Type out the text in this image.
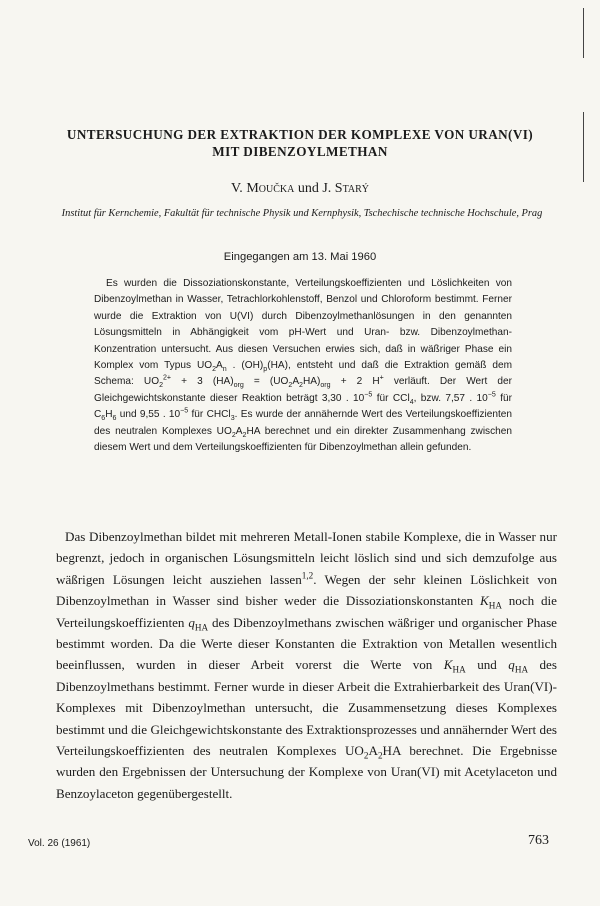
UNTERSUCHUNG DER EXTRAKTION DER KOMPLEXE VON URAN(VI)
MIT DIBENZOYLMETHAN
V. Moučka und J. Starý
Institut für Kernchemie, Fakultät für technische Physik und Kernphysik, Tschechische technische Hochschule, Prag
Eingegangen am 13. Mai 1960
Es wurden die Dissoziationskonstante, Verteilungskoeffizienten und Löslichkeiten von Dibenzoylmethan in Wasser, Tetrachlorkohlenstoff, Benzol und Chloroform bestimmt. Ferner wurde die Extraktion von U(VI) durch Dibenzoylmethanlösungen in den genannten Lösungsmitteln in Abhängigkeit vom pH-Wert und Uran- bzw. Dibenzoylmethan-Konzentration untersucht. Aus diesen Versuchen erwies sich, daß in wäßriger Phase ein Komplex vom Typus $UO_2A_n$ . $(OH)_p(HA)$, entsteht und daß die Extraktion gemäß dem Schema: $UO_2^{2+} + 3$ $(HA)_{org} = (UO_2A_2HA)_{org} + 2$ H+ verläuft. Der Wert der Gleichgewichtskonstante dieser Reaktion beträgt 3,30 . $10^{-5}$ für CCl$_4$, bzw. 7,57 . $10^{-5}$ für $C_6H_6$ und 9,55 . $10^{-5}$ für CHCl$_3$. Es wurde der annähernde Wert des Verteilungskoeffizienten des neutralen Komplexes $UO_2A_2HA$ berechnet und ein direkter Zusammenhang zwischen diesem Wert und dem Verteilungskoeffizienten für Dibenzoylmethan allein gefunden.
Das Dibenzoylmethan bildet mit mehreren Metall-Ionen stabile Komplexe, die in Wasser nur begrenzt, jedoch in organischen Lösungsmitteln leicht löslich sind und sich demzufolge aus wäßrigen Lösungen leicht ausziehen lassen$^{1,2}$. Wegen der sehr kleinen Löslichkeit von Dibenzoylmethan in Wasser sind bisher weder die Dissoziationskonstanten $K_{HA}$ noch die Verteilungskoeffizienten $q_{HA}$ des Dibenzoylmethans zwischen wäßriger und organischer Phase bestimmt worden. Da die Werte dieser Konstanten die Extraktion von Metallen wesentlich beeinflussen, wurden in dieser Arbeit vorerst die Werte von $K_{HA}$ und $q_{HA}$ des Dibenzoylmethans bestimmt. Ferner wurde in dieser Arbeit die Extrahierbarkeit des Uran(VI)-Komplexes mit Dibenzoylmethan untersucht, die Zusammensetzung dieses Komplexes bestimmt und die Gleichgewichtskonstante des Extraktionsprozesses und annähernder Wert des Verteilungskoeffizienten des neutralen Komplexes $UO_2A_2HA$ berechnet. Die Ergebnisse wurden den Ergebnissen der Untersuchung der Komplexe von Uran(VI) mit Acetylaceton und Benzoylaceton gegenübergestellt.
Vol. 26 (1961)	763
